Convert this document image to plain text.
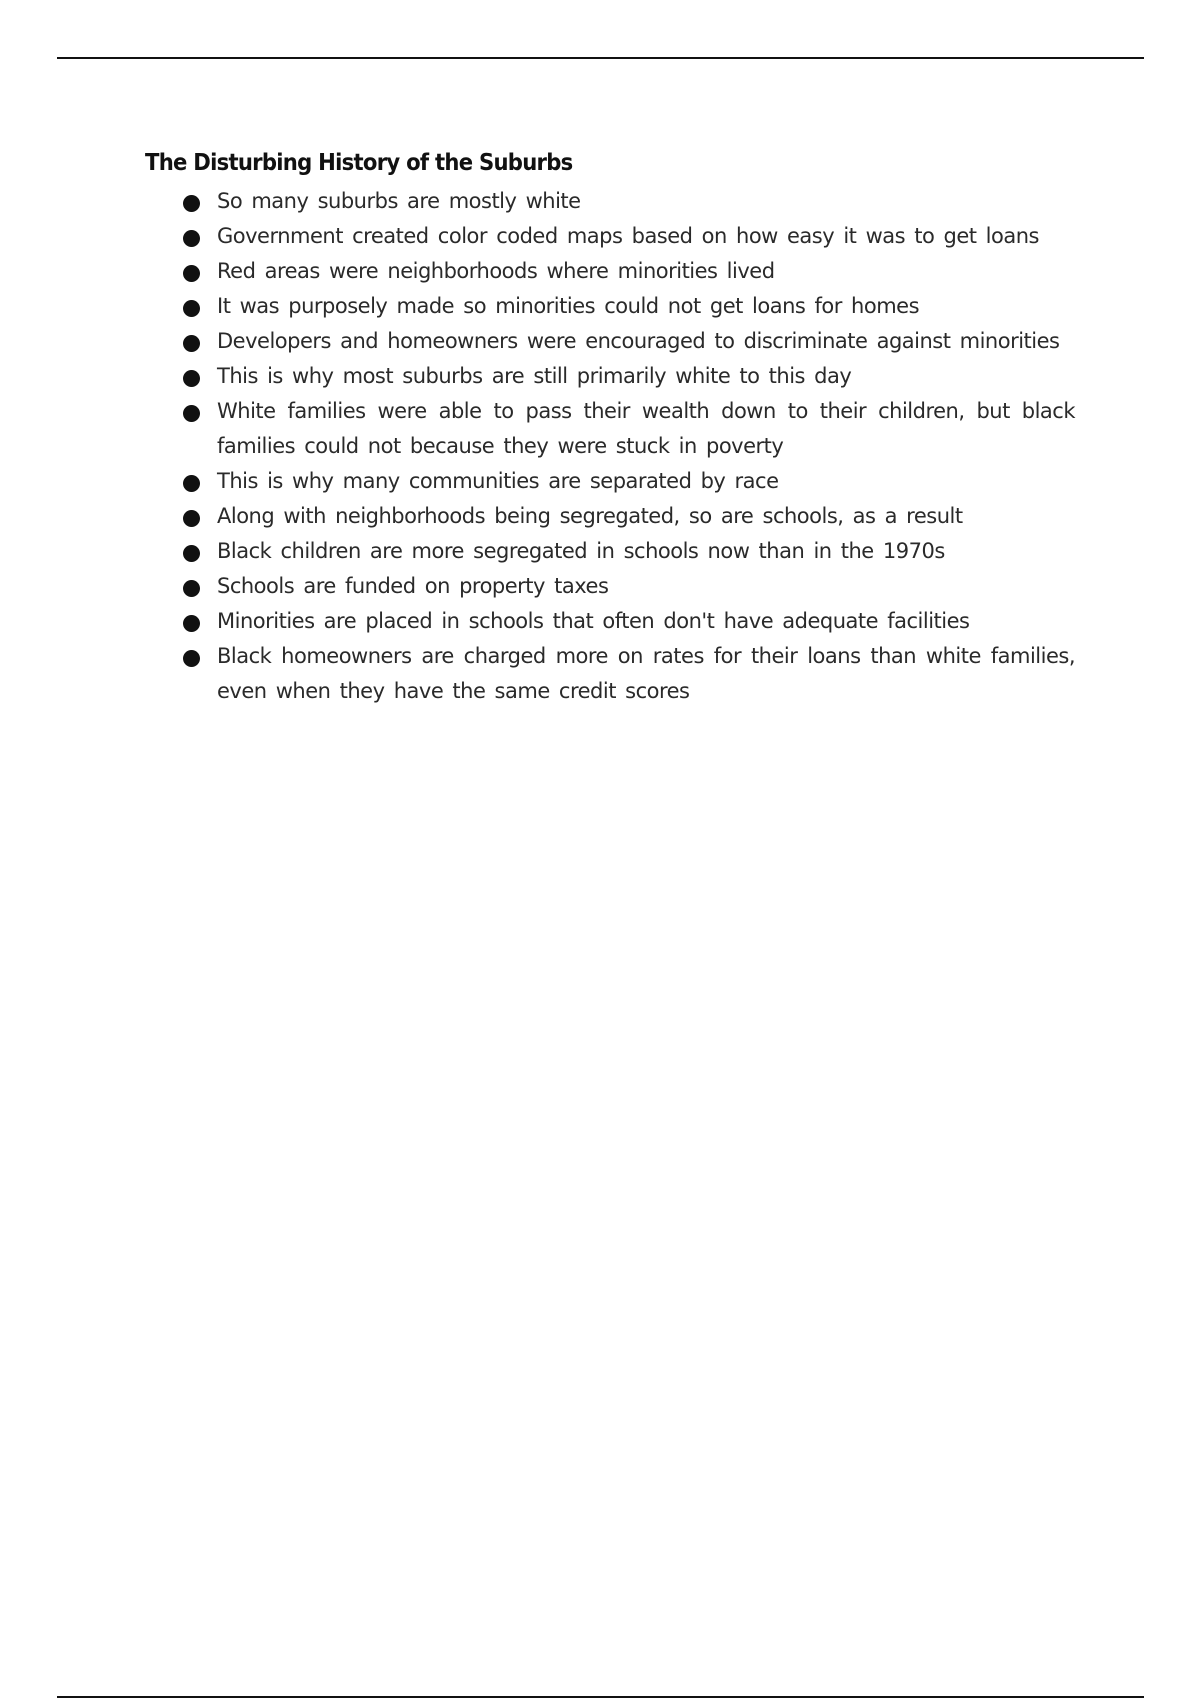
The Disturbing History of the Suburbs
So many suburbs are mostly white
Government created color coded maps based on how easy it was to get loans
Red areas were neighborhoods where minorities lived
It was purposely made so minorities could not get loans for homes
Developers and homeowners were encouraged to discriminate against minorities
This is why most suburbs are still primarily white to this day
White families were able to pass their wealth down to their children, but black families could not because they were stuck in poverty
This is why many communities are separated by race
Along with neighborhoods being segregated, so are schools, as a result
Black children are more segregated in schools now than in the 1970s
Schools are funded on property taxes
Minorities are placed in schools that often don't have adequate facilities
Black homeowners are charged more on rates for their loans than white families, even when they have the same credit scores
